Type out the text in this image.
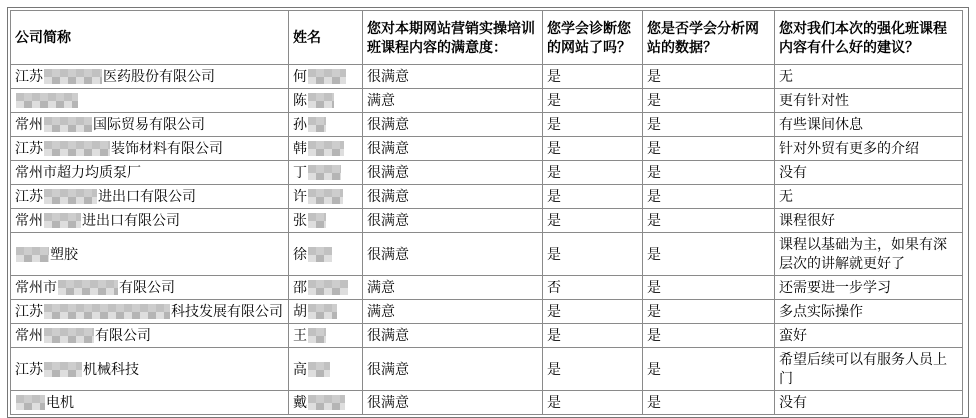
公司简称	姓名	您对本期网站营销实操培训班课程内容的满意度：	您学会诊断您的网站了吗？	您是否学会分析网站的数据？	您对我们本次的强化班课程内容有什么好的建议？
江苏 医药股份有限公司	何	很满意	是	是	无
	陈	满意	是	是	更有针对性
常州 国际贸易有限公司	孙	很满意	是	是	有些课间休息
江苏 装饰材料有限公司	韩	很满意	是	是	针对外贸有更多的介绍
常州市超力均质泵厂	丁	很满意	是	是	没有
江苏 进出口有限公司	许	很满意	是	是	无
常州 进出口有限公司	张	很满意	是	是	课程很好
塑胶	徐	很满意	是	是	课程以基础为主，如果有深层次的讲解就更好了
常州市 有限公司	邵	满意	否	是	还需要进一步学习
江苏 科技发展有限公司	胡	满意	是	是	多点实际操作
常州 有限公司	王	很满意	是	是	蛮好
江苏 机械科技	高	很满意	是	是	希望后续可以有服务人员上门
电机	戴	很满意	是	是	没有
